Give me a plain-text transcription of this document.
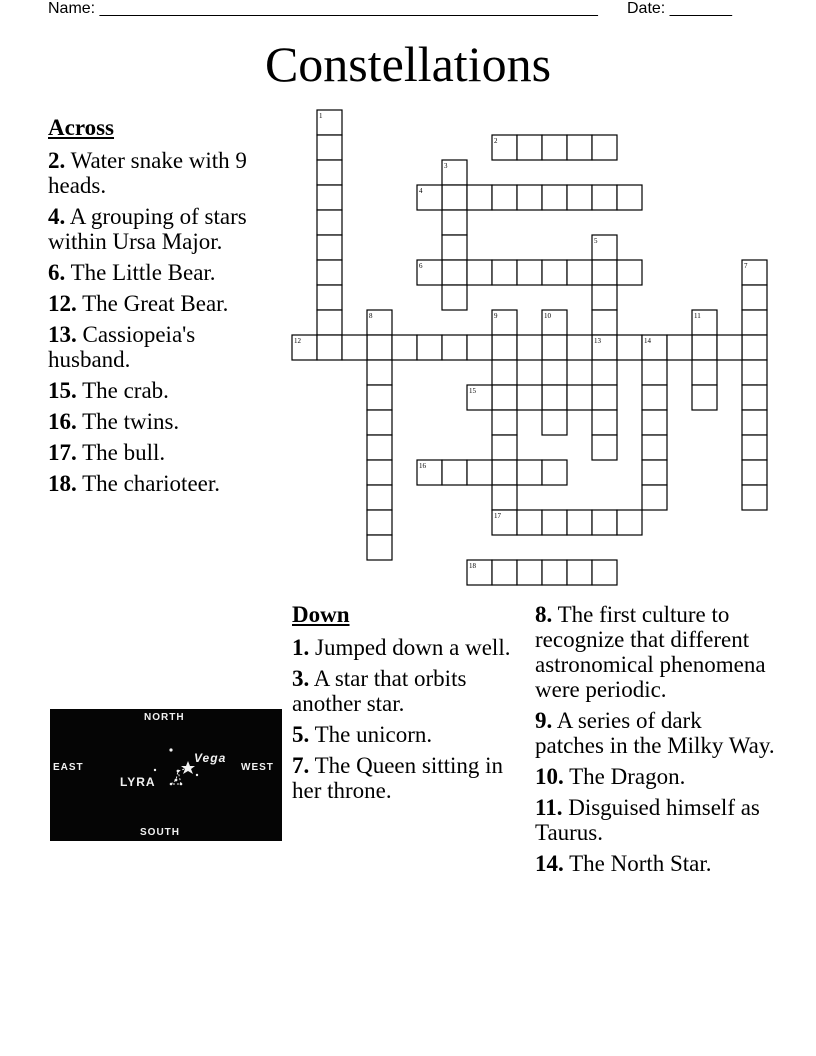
Name: ________________________________________________________ Date: _______
Constellations
1
2
3
4
5
6	7
8	9	10	11
12	13	14
15
16
17
18
Across
2. Water snake with 9 heads.
4. A grouping of stars within Ursa Major.
6. The Little Bear.
12. The Great Bear.
13. Cassiopeia's husband.
15. The crab.
16. The twins.
17. The bull.
18. The charioteer.
Down
1. Jumped down a well.
3. A star that orbits another star.
5. The unicorn.
7. The Queen sitting in her throne.
8. The first culture to recognize that different astronomical phenomena were periodic.
9. A series of dark patches in the Milky Way.
10. The Dragon.
11. Disguised himself as Taurus.
14. The North Star.
NORTH
SOUTH
EAST	WEST
LYRA
Vega
